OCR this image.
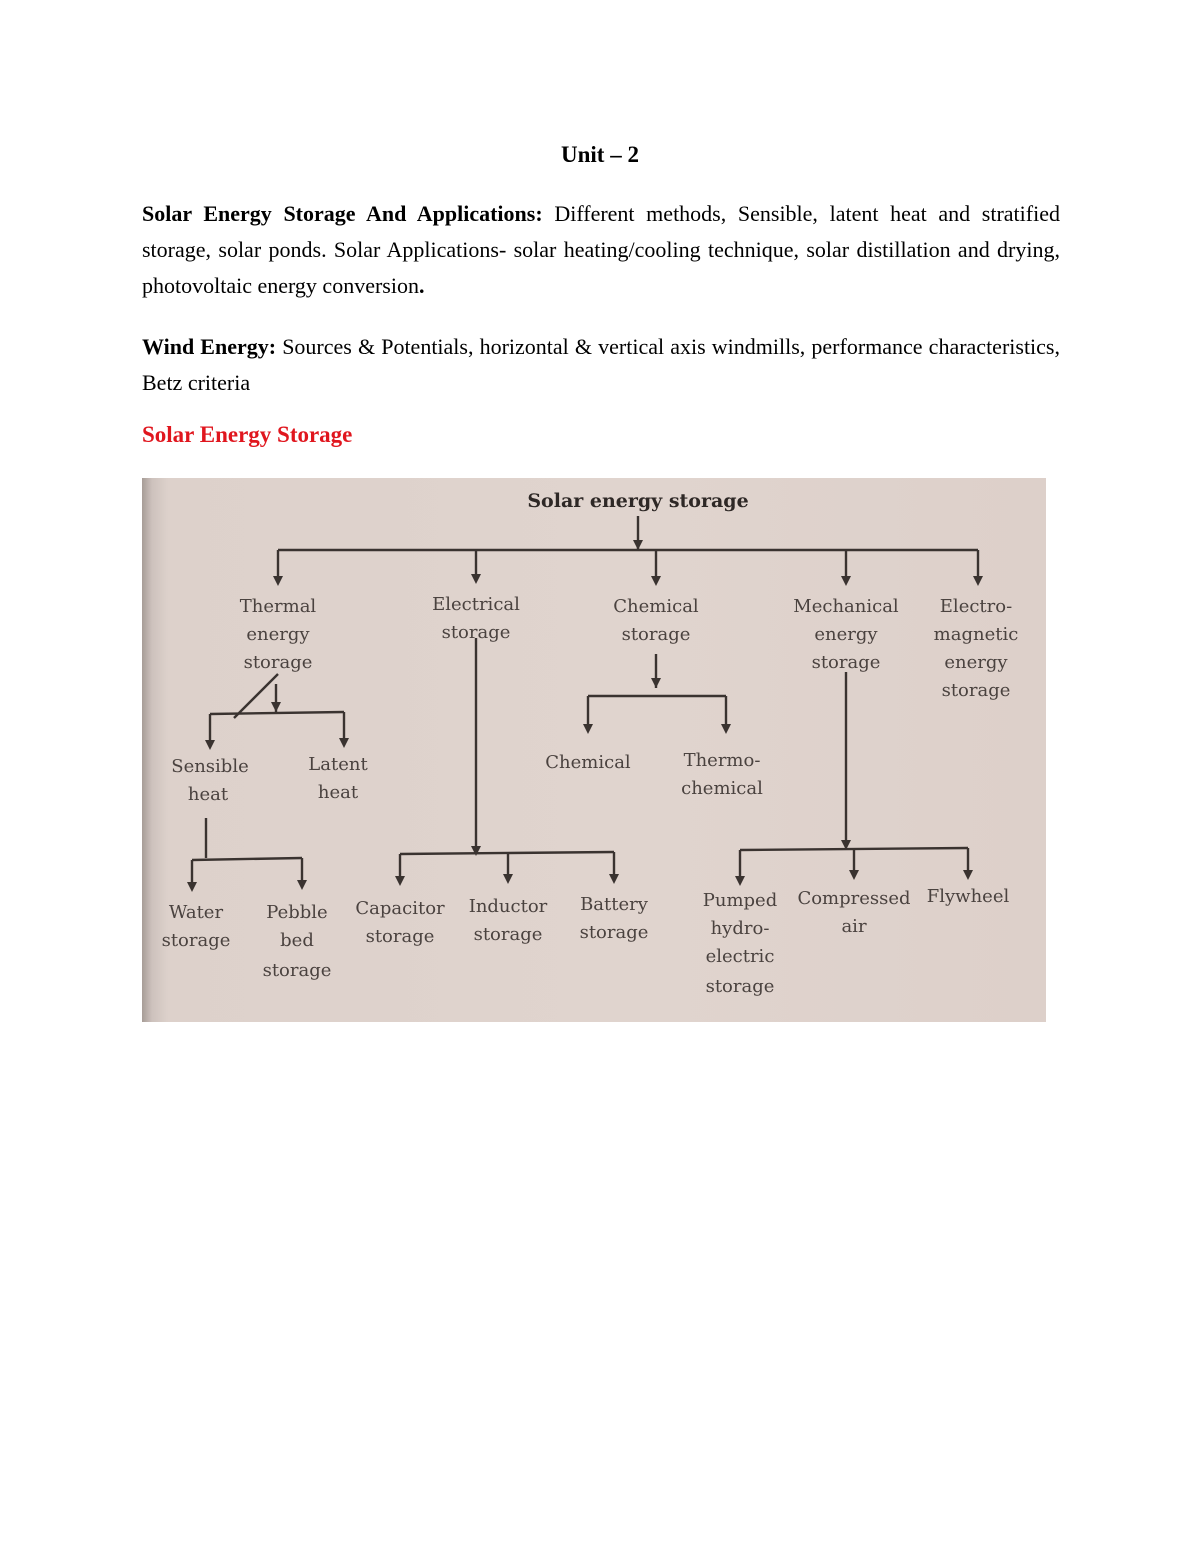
Unit – 2
Solar Energy Storage And Applications: Different methods, Sensible, latent heat and stratified storage, solar ponds. Solar Applications- solar heating/cooling technique, solar distillation and drying, photovoltaic energy conversion.
Wind Energy: Sources & Potentials, horizontal & vertical axis windmills, performance characteristics, Betz criteria
Solar Energy Storage
Solar energy storage
Thermal
energy
storage
Electrical
storage
Chemical
storage
Mechanical
energy
storage
Electro-
magnetic
energy
storage
Sensible
heat
Latent
heat
Water
storage
Pebble
bed
storage
Capacitor
storage
Inductor
storage
Battery
storage
Chemical	Thermo-
chemical
Pumped
hydro-
electric
storage
Compressed
air
Flywheel
